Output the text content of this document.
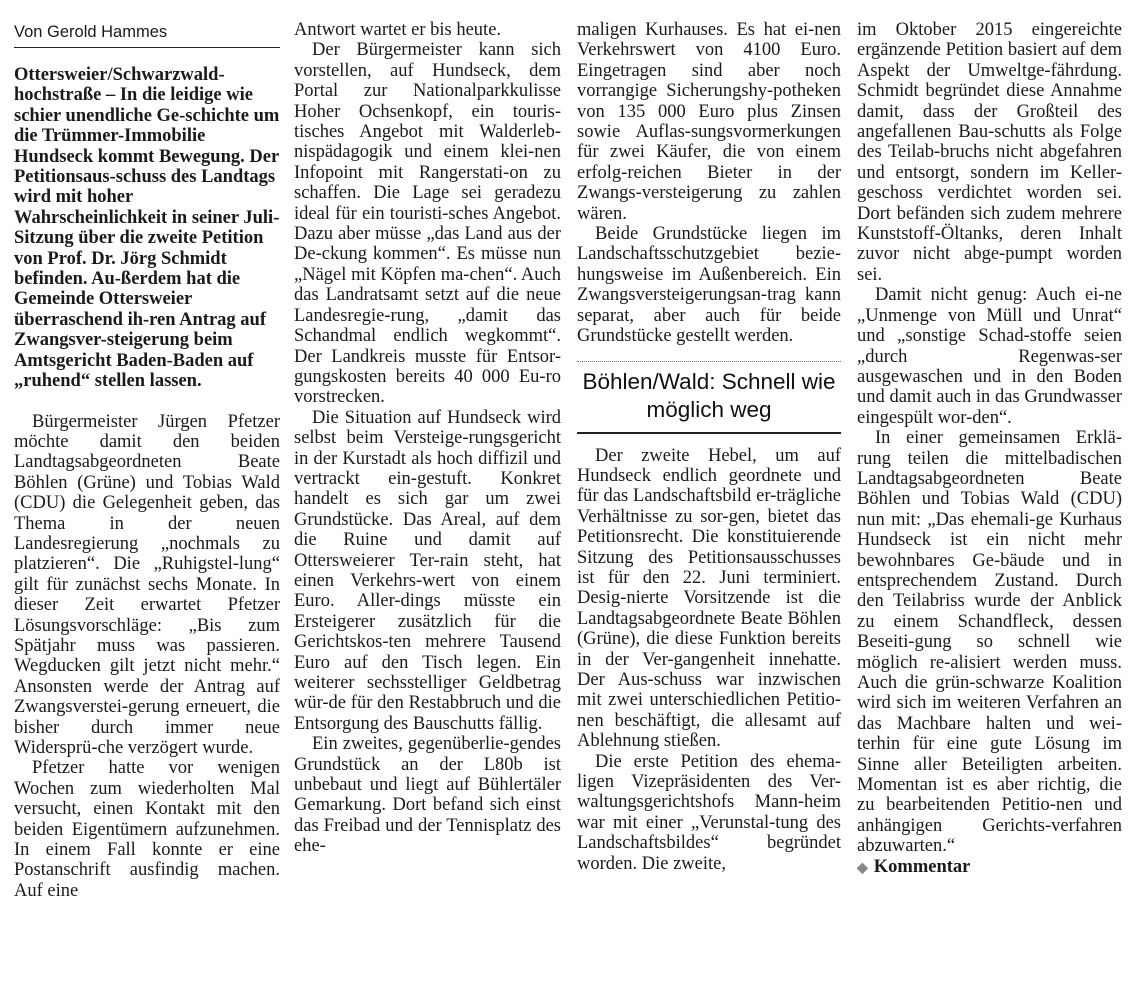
Von Gerold Hammes

Ottersweier/Schwarzwald-hochstraße – In die leidige wie schier unendliche Ge-schichte um die Trümmer-Immobilie Hundseck kommt Bewegung. Der Petitionsaus-schuss des Landtags wird mit hoher Wahrscheinlichkeit in seiner Juli-Sitzung über die zweite Petition von Prof. Dr. Jörg Schmidt befinden. Au-ßerdem hat die Gemeinde Ottersweier überraschend ih-ren Antrag auf Zwangsver-steigerung beim Amtsgericht Baden-Baden auf „ruhend“ stellen lassen.

Bürgermeister Jürgen Pfetzer möchte damit den beiden Landtagsabgeordneten Beate Böhlen (Grüne) und Tobias Wald (CDU) die Gelegenheit geben, das Thema in der neuen Landesregierung „nochmals zu platzieren“. Die „Ruhigstel-lung“ gilt für zunächst sechs Monate. In dieser Zeit erwartet Pfetzer Lösungsvorschläge: „Bis zum Spätjahr muss was passieren. Wegducken gilt jetzt nicht mehr.“ Ansonsten werde der Antrag auf Zwangsverstei-gerung erneuert, die bisher durch immer neue Widersprü-che verzögert wurde.

Pfetzer hatte vor wenigen Wochen zum wiederholten Mal versucht, einen Kontakt mit den beiden Eigentümern aufzunehmen. In einem Fall konnte er eine Postanschrift ausfindig machen. Auf eine

Antwort wartet er bis heute.

Der Bürgermeister kann sich vorstellen, auf Hundseck, dem Portal zur Nationalparkkulisse Hoher Ochsenkopf, ein touris-tisches Angebot mit Walderleb-nispädagogik und einem klei-nen Infopoint mit Rangerstati-on zu schaffen. Die Lage sei geradezu ideal für ein touristi-sches Angebot. Dazu aber müsse „das Land aus der De-ckung kommen“. Es müsse nun „Nägel mit Köpfen ma-chen“. Auch das Landratsamt setzt auf die neue Landesregie-rung, „damit das Schandmal endlich wegkommt“. Der Landkreis musste für Entsor-gungskosten bereits 40 000 Eu-ro vorstrecken.

Die Situation auf Hundseck wird selbst beim Versteige-rungsgericht in der Kurstadt als hoch diffizil und vertrackt ein-gestuft. Konkret handelt es sich gar um zwei Grundstücke. Das Areal, auf dem die Ruine und damit auf Ottersweierer Ter-rain steht, hat einen Verkehrs-wert von einem Euro. Aller-dings müsste ein Ersteigerer zusätzlich für die Gerichtskos-ten mehrere Tausend Euro auf den Tisch legen. Ein weiterer sechsstelliger Geldbetrag wür-de für den Restabbruch und die Entsorgung des Bauschutts fällig.

Ein zweites, gegenüberlie-gendes Grundstück an der L80b ist unbebaut und liegt auf Bühlertäler Gemarkung. Dort befand sich einst das Freibad und der Tennisplatz des ehe-

maligen Kurhauses. Es hat ei-nen Verkehrswert von 4100 Euro. Eingetragen sind aber noch vorrangige Sicherungshy-potheken von 135 000 Euro plus Zinsen sowie Auflas-sungsvormerkungen für zwei Käufer, die von einem erfolg-reichen Bieter in der Zwangs-versteigerung zu zahlen wären.

Beide Grundstücke liegen im Landschaftsschutzgebiet bezie-hungsweise im Außenbereich. Ein Zwangsversteigerungsan-trag kann separat, aber auch für beide Grundstücke gestellt werden.

Böhlen/Wald: Schnell wie möglich weg

Der zweite Hebel, um auf Hundseck endlich geordnete und für das Landschaftsbild er-trägliche Verhältnisse zu sor-gen, bietet das Petitionsrecht. Die konstituierende Sitzung des Petitionsausschusses ist für den 22. Juni terminiert. Desig-nierte Vorsitzende ist die Landtagsabgeordnete Beate Böhlen (Grüne), die diese Funktion bereits in der Ver-gangenheit innehatte. Der Aus-schuss war inzwischen mit zwei unterschiedlichen Petitio-nen beschäftigt, die allesamt auf Ablehnung stießen.

Die erste Petition des ehema-ligen Vizepräsidenten des Ver-waltungsgerichtshofs Mann-heim war mit einer „Verunstal-tung des Landschaftsbildes“ begründet worden. Die zweite,

im Oktober 2015 eingereichte ergänzende Petition basiert auf dem Aspekt der Umweltge-fährdung. Schmidt begründet diese Annahme damit, dass der Großteil des angefallenen Bau-schutts als Folge des Teilab-bruchs nicht abgefahren und entsorgt, sondern im Keller-geschoss verdichtet worden sei. Dort befänden sich zudem mehrere Kunststoff-Öltanks, deren Inhalt zuvor nicht abge-pumpt worden sei.

Damit nicht genug: Auch ei-ne „Unmenge von Müll und Unrat“ und „sonstige Schad-stoffe seien „durch Regenwas-ser ausgewaschen und in den Boden und damit auch in das Grundwasser eingespült wor-den“.

In einer gemeinsamen Erklä-rung teilen die mittelbadischen Landtagsabgeordneten Beate Böhlen und Tobias Wald (CDU) nun mit: „Das ehemali-ge Kurhaus Hundseck ist ein nicht mehr bewohnbares Ge-bäude und in entsprechendem Zustand. Durch den Teilabriss wurde der Anblick zu einem Schandfleck, dessen Beseiti-gung so schnell wie möglich re-alisiert werden muss. Auch die grün-schwarze Koalition wird sich im weiteren Verfahren an das Machbare halten und wei-terhin für eine gute Lösung im Sinne aller Beteiligten arbeiten. Momentan ist es aber richtig, die zu bearbeitenden Petitio-nen und anhängigen Gerichts-verfahren abzuwarten.“

◆ Kommentar
